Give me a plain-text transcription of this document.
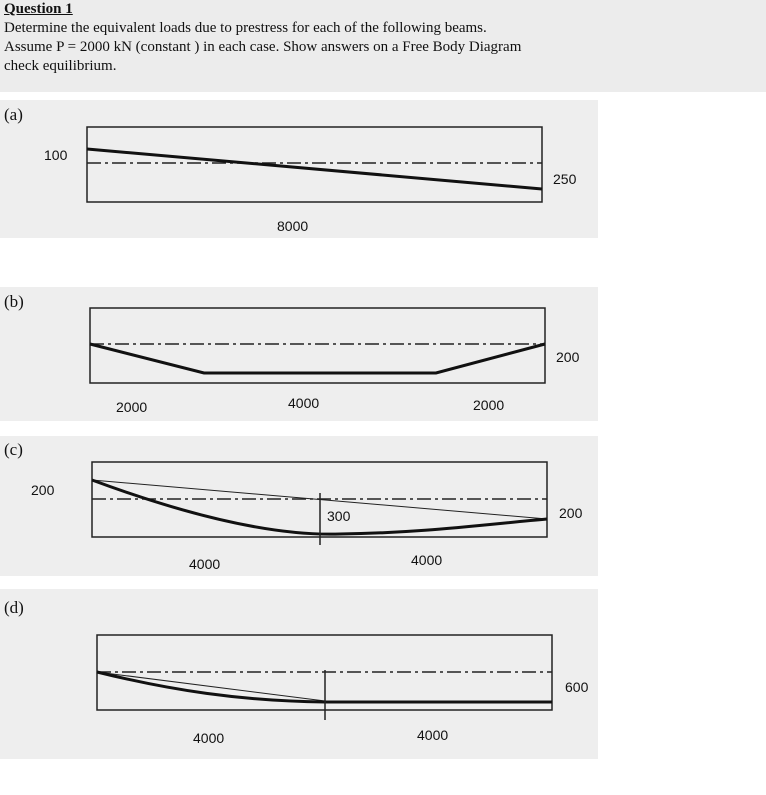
Question 1
Determine the equivalent loads due to prestress for each of the following beams.
Assume P = 2000 kN (constant ) in each case. Show answers on a Free Body Diagram
check equilibrium.
(a)
100
250
8000
(b)
200
2000	4000	2000
(c)
200
300	200
4000	4000
(d)
600
4000	4000
